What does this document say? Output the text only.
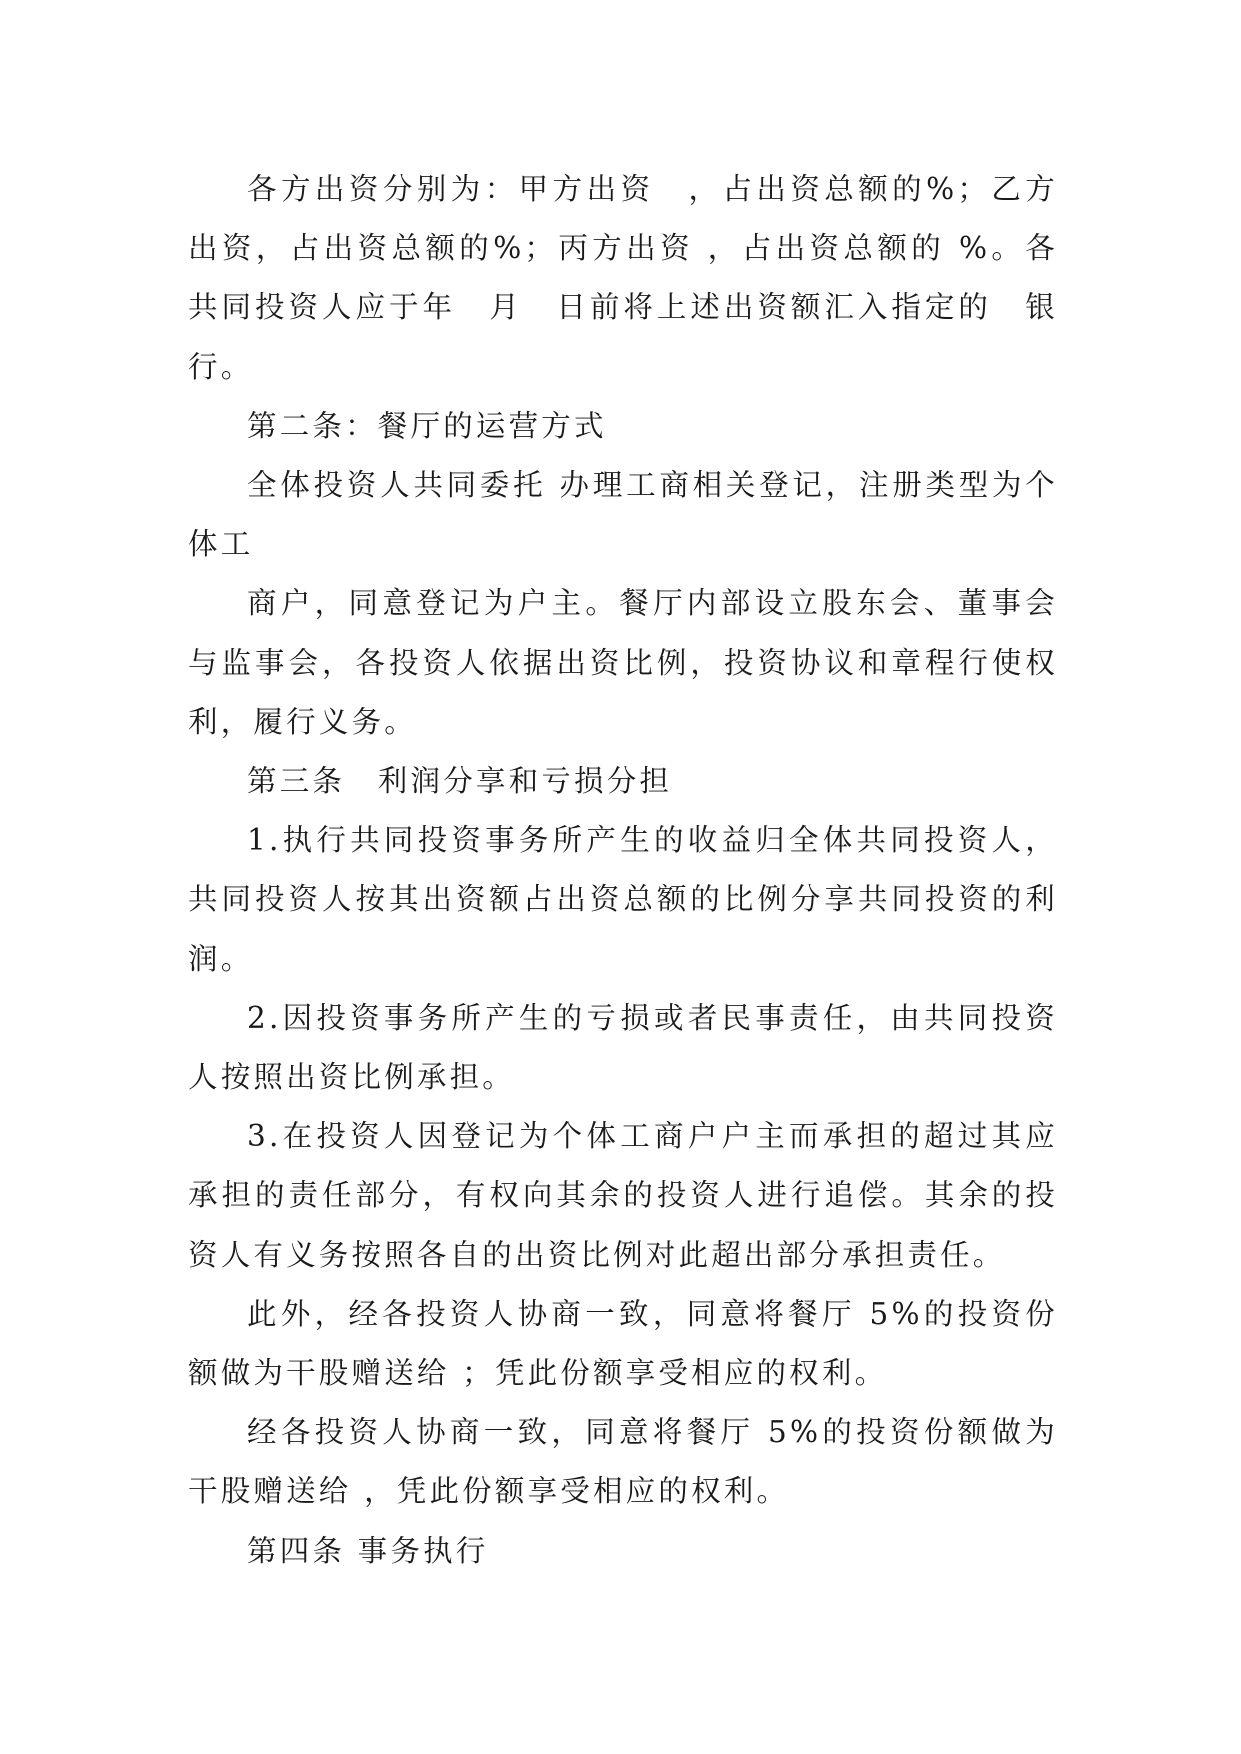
各方出资分别为：甲方出资　，占出资总额的%；乙方出资，占出资总额的%；丙方出资 ，占出资总额的 %。各共同投资人应于年　月　日前将上述出资额汇入指定的　银行。

第二条：餐厅的运营方式

全体投资人共同委托 办理工商相关登记，注册类型为个体工

商户，同意登记为户主。餐厅内部设立股东会、董事会与监事会，各投资人依据出资比例，投资协议和章程行使权利，履行义务。

第三条　利润分享和亏损分担

1.执行共同投资事务所产生的收益归全体共同投资人，共同投资人按其出资额占出资总额的比例分享共同投资的利润。

2.因投资事务所产生的亏损或者民事责任，由共同投资人按照出资比例承担。

3.在投资人因登记为个体工商户户主而承担的超过其应承担的责任部分，有权向其余的投资人进行追偿。其余的投资人有义务按照各自的出资比例对此超出部分承担责任。

此外，经各投资人协商一致，同意将餐厅 5%的投资份额做为干股赠送给 ；凭此份额享受相应的权利。

经各投资人协商一致，同意将餐厅 5%的投资份额做为干股赠送给 ，凭此份额享受相应的权利。

第四条 事务执行
